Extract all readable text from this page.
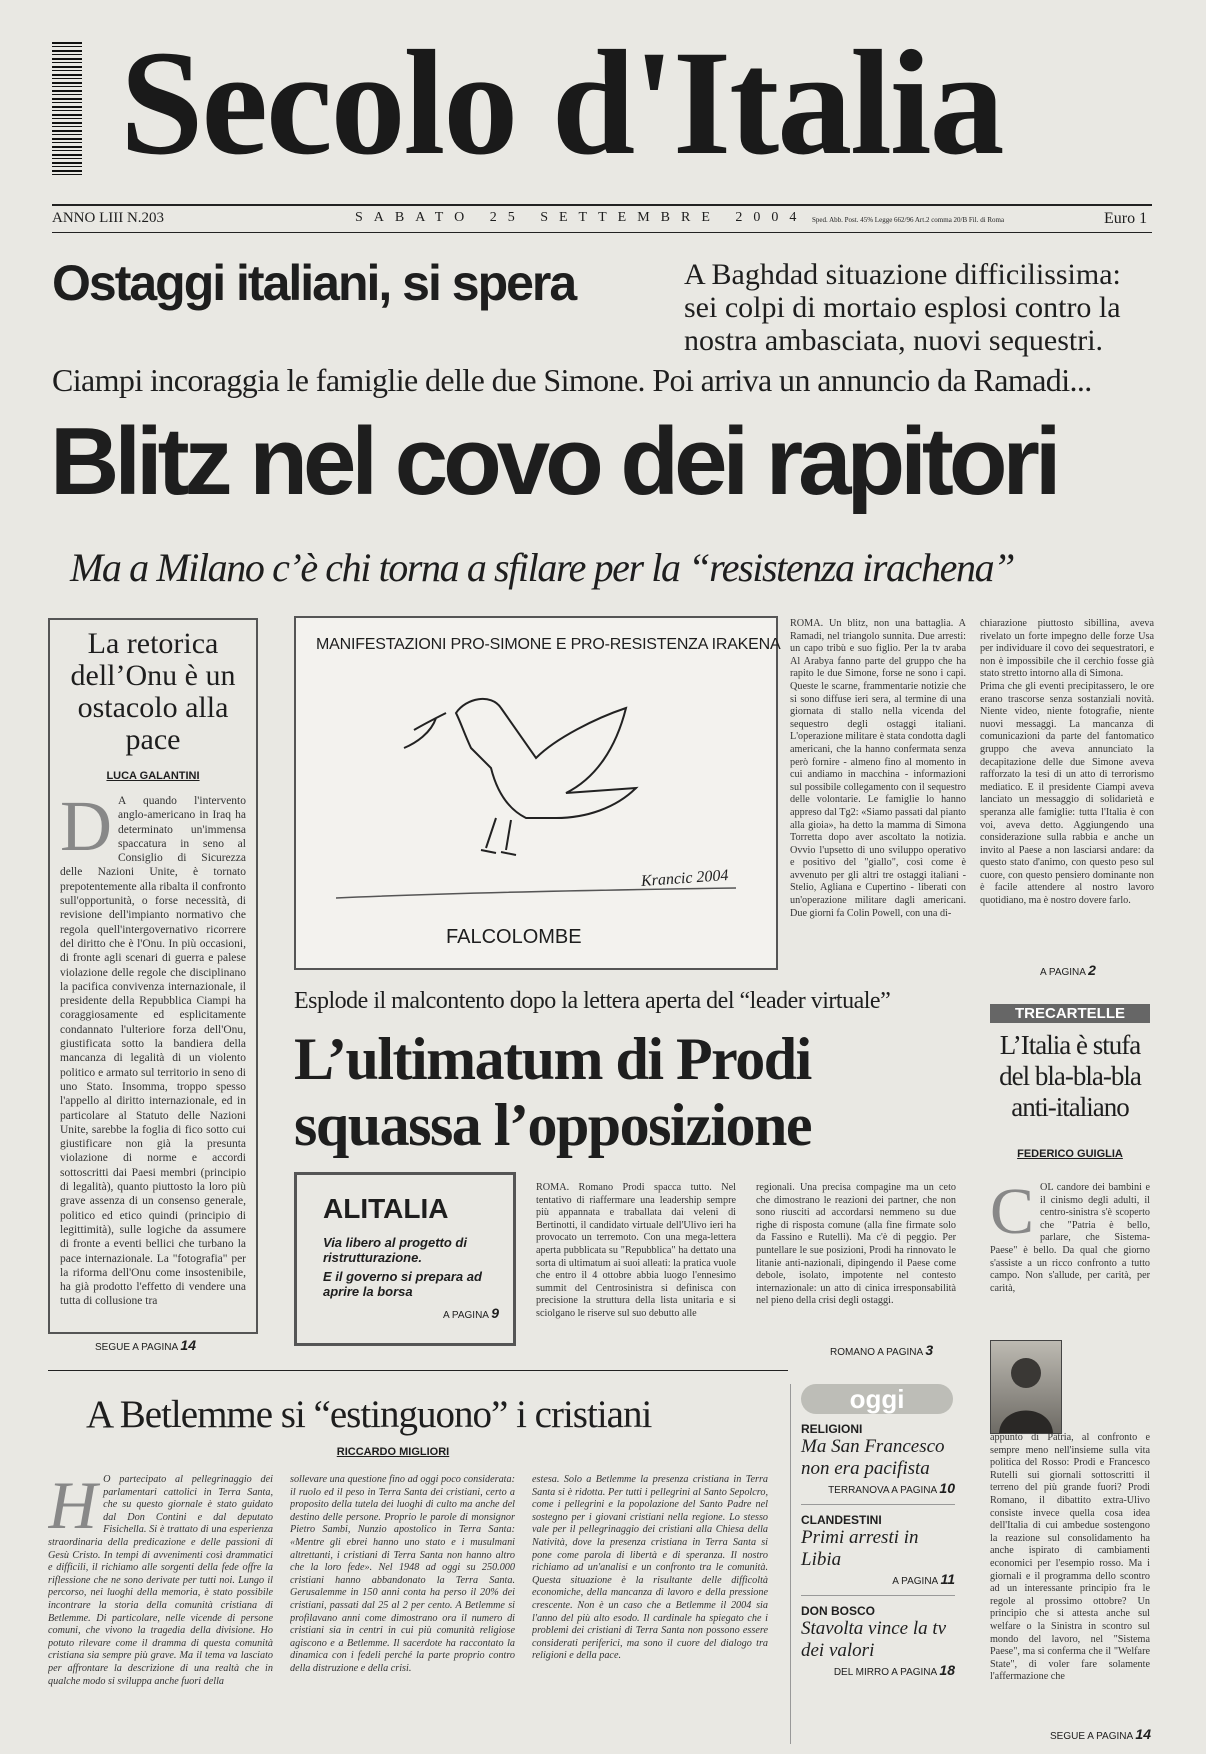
Secolo d'Italia
ANNO LIII N.203	SABATO 25 SETTEMBRE 2004 Sped. Abb. Post. 45% Legge 662/96 Art.2 comma 20/B Fil. di Roma	Euro 1
Ostaggi italiani, si spera	A Baghdad situazione difficilissima: sei colpi di mortaio esplosi contro la nostra ambasciata, nuovi sequestri.
Ciampi incoraggia le famiglie delle due Simone. Poi arriva un annuncio da Ramadi...
Blitz nel covo dei rapitori
Ma a Milano c’è chi torna a sfilare per la “resistenza irachena”
La retorica dell’Onu è un ostacolo alla pace
LUCA GALANTINI
D A quando l'intervento anglo-americano in Iraq ha determinato un'immensa spaccatura in seno al Consiglio di Sicurezza delle Nazioni Unite, è tornato prepotentemente alla ribalta il confronto sull'opportunità, o forse necessità, di revisione dell'impianto normativo che regola quell'intergovernativo ricorrere del diritto che è l'Onu. In più occasioni, di fronte agli scenari di guerra e palese violazione delle regole che disciplinano la pacifica convivenza internazionale, il presidente della Repubblica Ciampi ha coraggiosamente ed esplicitamente condannato l'ulteriore forza dell'Onu, giustificata sotto la bandiera della mancanza di legalità di un violento politico e armato sul territorio in seno di uno Stato. Insomma, troppo spesso l'appello al diritto internazionale, ed in particolare al Statuto delle Nazioni Unite, sarebbe la foglia di fico sotto cui giustificare non già la presunta violazione di norme e accordi sottoscritti dai Paesi membri (principio di legalità), quanto piuttosto la loro più grave assenza di un consenso generale, politico ed etico quindi (principio di legittimità), sulle logiche da assumere di fronte a eventi bellici che turbano la pace internazionale. La "fotografia" per la riforma dell'Onu come insostenibile, ha già prodotto l'effetto di vendere una tutta di collusione tra
SEGUE A PAGINA 14
MANIFESTAZIONI PRO-SIMONE E PRO-RESISTENZA IRAKENA
Krancic 2004
FALCOLOMBE
ROMA. Un blitz, non una battaglia. A Ramadi, nel triangolo sunnita. Due arresti: un capo tribù e suo figlio. Per la tv araba Al Arabya fanno parte del gruppo che ha rapito le due Simone, forse ne sono i capi. Queste le scarne, frammentarie notizie che si sono diffuse ieri sera, al termine di una giornata di stallo nella vicenda del sequestro degli ostaggi italiani. L'operazione militare è stata condotta dagli americani, che la hanno confermata senza però fornire - almeno fino al momento in cui andiamo in macchina - informazioni sul possibile collegamento con il sequestro delle volontarie. Le famiglie lo hanno appreso dal Tg2: «Siamo passati dal pianto alla gioia», ha detto la mamma di Simona Torretta dopo aver ascoltato la notizia. Ovvio l'upsetto di uno sviluppo operativo e positivo del "giallo", così come è avvenuto per gli altri tre ostaggi italiani - Stelio, Agliana e Cupertino - liberati con un'operazione militare dagli americani. Due giorni fa Colin Powell, con una di-
chiarazione piuttosto sibillina, aveva rivelato un forte impegno delle forze Usa per individuare il covo dei sequestratori, e non è impossibile che il cerchio fosse già stato stretto intorno alla di Simona.
Prima che gli eventi precipitassero, le ore erano trascorse senza sostanziali novità. Niente video, niente fotografie, niente nuovi messaggi. La mancanza di comunicazioni da parte del fantomatico gruppo che aveva annunciato la decapitazione delle due Simone aveva rafforzato la tesi di un atto di terrorismo mediatico. E il presidente Ciampi aveva lanciato un messaggio di solidarietà e speranza alle famiglie: tutta l'Italia è con voi, aveva detto. Aggiungendo una considerazione sulla rabbia e anche un invito al Paese a non lasciarsi andare: da questo stato d'animo, con questo peso sul cuore, con questo pensiero dominante non è facile attendere al nostro lavoro quotidiano, ma è nostro dovere farlo.
A PAGINA 2
Esplode il malcontento dopo la lettera aperta del “leader virtuale”
L’ultimatum di Prodi squassa l’opposizione
ALITALIA
Via libero al progetto di ristrutturazione.
E il governo si prepara ad aprire la borsa
A PAGINA 9
ROMA. Romano Prodi spacca tutto. Nel tentativo di riaffermare una leadership sempre più appannata e traballata dai veleni di Bertinotti, il candidato virtuale dell'Ulivo ieri ha provocato un terremoto. Con una mega-lettera aperta pubblicata su "Repubblica" ha dettato una sorta di ultimatum ai suoi alleati: la pratica vuole che entro il 4 ottobre abbia luogo l'ennesimo summit del Centrosinistra si definisca con precisione la struttura della lista unitaria e si sciolgano le riserve sul suo debutto alle
regionali. Una precisa compagine ma un ceto che dimostrano le reazioni dei partner, che non sono riusciti ad accordarsi nemmeno su due righe di risposta comune (alla fine firmate solo da Fassino e Rutelli). Ma c'è di peggio. Per puntellare le sue posizioni, Prodi ha rinnovato le litanie anti-nazionali, dipingendo il Paese come debole, isolato, impotente nel contesto internazionale: un atto di cinica irresponsabilità nel pieno della crisi degli ostaggi.
ROMANO A PAGINA 3
TRECARTELLE
L’Italia è stufa del bla-bla-bla anti-italiano
FEDERICO GUIGLIA
C OL candore dei bambini e il cinismo degli adulti, il centro-sinistra s'è scoperto che "Patria è bello, parlare, che Sistema-Paese" è bello. Da qual che giorno s'assiste a un ricco confronto a tutto campo. Non s'allude, per carità, per carità,
appunto di Patria, al confronto e sempre meno nell'insieme sulla vita politica del Rosso: Prodi e Francesco Rutelli sui giornali sottoscritti il terreno del più grande fuori? Prodi Romano, il dibattito extra-Ulivo consiste invece quella cosa idea dell'Italia di cui ambedue sostengono la reazione sul consolidamento ha anche ispirato di cambiamenti economici per l'esempio rosso. Ma i giornali e il programma dello scontro ad un interessante principio fra le regole al prossimo ottobre? Un principio che si attesta anche sul welfare o la Sinistra in scontro sul mondo del lavoro, nel "Sistema Paese", ma si conferma che il "Welfare State", di voler fare solamente l'affermazione che
SEGUE A PAGINA 14
A Betlemme si “estinguono” i cristiani
RICCARDO MIGLIORI
H O partecipato al pellegrinaggio dei parlamentari cattolici in Terra Santa, che su questo giornale è stato guidato dal Don Contini e dal deputato Fisichella. Si è trattato di una esperienza straordinaria della predicazione e delle passioni di Gesù Cristo. In tempi di avvenimenti così drammatici e difficili, il richiamo alle sorgenti della fede offre la riflessione che ne sono derivate per tutti noi. Lungo il percorso, nei luoghi della memoria, è stato possibile incontrare la storia della comunità cristiana di Betlemme. Di particolare, nelle vicende di persone comuni, che vivono la tragedia della divisione. Ho potuto rilevare come il dramma di questa comunità cristiana sia sempre più grave. Ma il tema va lasciato per affrontare la descrizione di una realtà che in qualche modo si sviluppa anche fuori della
sollevare una questione fino ad oggi poco considerata: il ruolo ed il peso in Terra Santa dei cristiani, certo a proposito della tutela dei luoghi di culto ma anche del destino delle persone. Proprio le parole di monsignor Pietro Sambi, Nunzio apostolico in Terra Santa: «Mentre gli ebrei hanno uno stato e i musulmani altrettanti, i cristiani di Terra Santa non hanno altro che la loro fede». Nel 1948 ad oggi su 250.000 cristiani hanno abbandonato la Terra Santa. Gerusalemme in 150 anni conta ha perso il 20% dei cristiani, passati dal 25 al 2 per cento. A Betlemme si profilavano anni come dimostrano ora il numero di cristiani sia in centri in cui più comunità religiose agiscono e a Betlemme. Il sacerdote ha raccontato la dinamica con i fedeli perché la parte proprio contro della distruzione e della crisi.
estesa. Solo a Betlemme la presenza cristiana in Terra Santa si è ridotta. Per tutti i pellegrini al Santo Sepolcro, come i pellegrini e la popolazione del Santo Padre nel sostegno per i giovani cristiani nella regione. Lo stesso vale per il pellegrinaggio dei cristiani alla Chiesa della Natività, dove la presenza cristiana in Terra Santa si pone come parola di libertà e di speranza. Il nostro richiamo ad un'analisi e un confronto tra le comunità. Questa situazione è la risultante delle difficoltà economiche, della mancanza di lavoro e della pressione crescente. Non è un caso che a Betlemme il 2004 sia l'anno del più alto esodo. Il cardinale ha spiegato che i problemi dei cristiani di Terra Santa non possono essere considerati periferici, ma sono il cuore del dialogo tra religioni e della pace.
oggi
RELIGIONI
Ma San Francesco non era pacifista
TERRANOVA A PAGINA 10
CLANDESTINI
Primi arresti in Libia
A PAGINA 11
DON BOSCO
Stavolta vince la tv dei valori
DEL MIRRO A PAGINA 18
